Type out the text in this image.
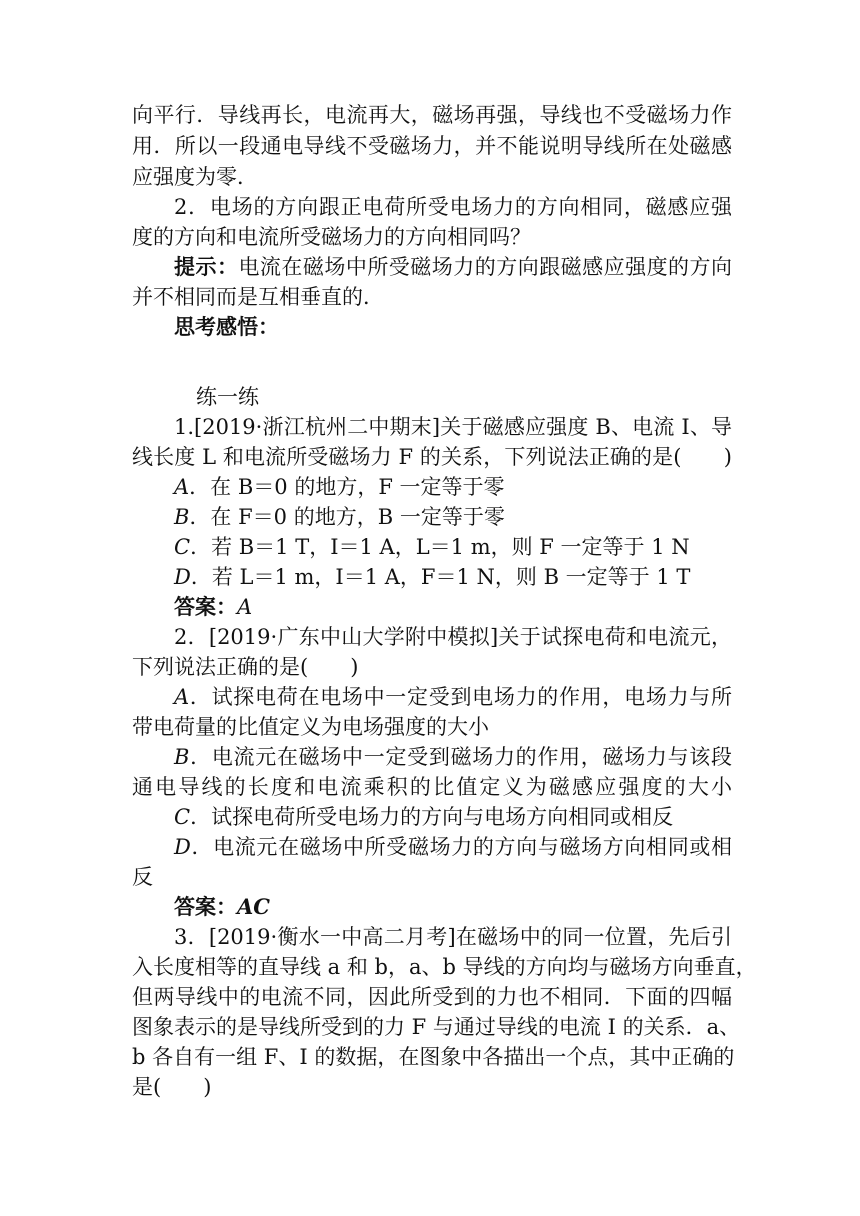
向平行．导线再长，电流再大，磁场再强，导线也不受磁场力作
用．所以一段通电导线不受磁场力，并不能说明导线所在处磁感
应强度为零．
2．电场的方向跟正电荷所受电场力的方向相同，磁感应强
度的方向和电流所受磁场力的方向相同吗？
提示：电流在磁场中所受磁场力的方向跟磁感应强度的方向
并不相同而是互相垂直的．
思考感悟：
练一练
1.[2019·浙江杭州二中期末]关于磁感应强度 B、电流 I、导
线长度 L 和电流所受磁场力 F 的关系，下列说法正确的是(　　)
A．在 B＝0 的地方，F 一定等于零
B．在 F＝0 的地方，B 一定等于零
C．若 B＝1 T，I＝1 A，L＝1 m，则 F 一定等于 1 N
D．若 L＝1 m，I＝1 A，F＝1 N，则 B 一定等于 1 T
答案：A
2．[2019·广东中山大学附中模拟]关于试探电荷和电流元，
下列说法正确的是(　　)
A．试探电荷在电场中一定受到电场力的作用，电场力与所
带电荷量的比值定义为电场强度的大小
B．电流元在磁场中一定受到磁场力的作用，磁场力与该段
通电导线的长度和电流乘积的比值定义为磁感应强度的大小
C．试探电荷所受电场力的方向与电场方向相同或相反
D．电流元在磁场中所受磁场力的方向与磁场方向相同或相
反
答案：AC
3．[2019·衡水一中高二月考]在磁场中的同一位置，先后引
入长度相等的直导线 a 和 b，a、b 导线的方向均与磁场方向垂直，
但两导线中的电流不同，因此所受到的力也不相同．下面的四幅
图象表示的是导线所受到的力 F 与通过导线的电流 I 的关系．a、
b 各自有一组 F、I 的数据，在图象中各描出一个点，其中正确的
是(　　)
